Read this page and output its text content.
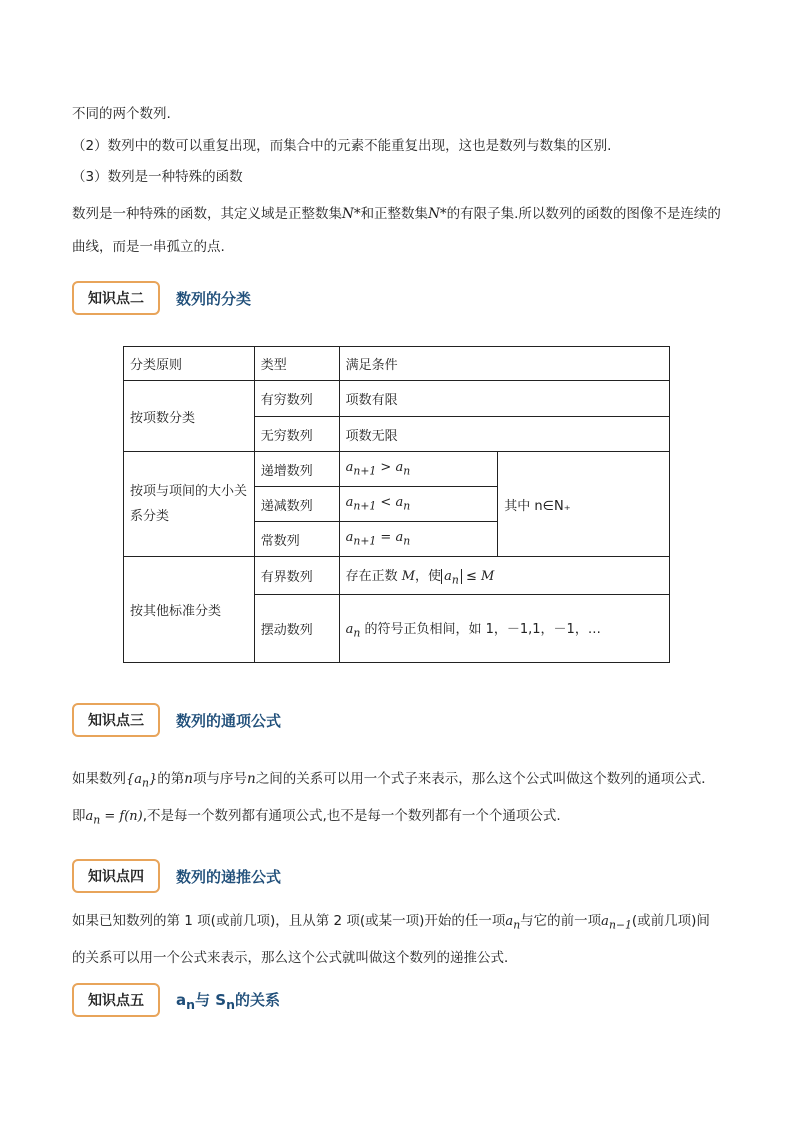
不同的两个数列.
（2）数列中的数可以重复出现，而集合中的元素不能重复出现，这也是数列与数集的区别.
（3）数列是一种特殊的函数
数列是一种特殊的函数，其定义域是正整数集N*和正整数集N*的有限子集.所以数列的函数的图像不是连续的曲线，而是一串孤立的点.
知识点二	数列的分类
分类原则	类型	满足条件	
按项数分类	有穷数列	项数有限	
	无穷数列	项数无限	
按项与项间的大小关系分类	递增数列	$a_{n+1} > a_n$	其中 n∈N₊
	递减数列	$a_{n+1} < a_n$
	常数列	$a_{n+1} = a_n$
按其他标准分类	有界数列	存在正数 M，使 $a_n \le M$	
	摆动数列	$a_n$ 的符号正负相间，如 1，－1,1，－1，…	
知识点三	数列的通项公式
如果数列$\{a_n\}$的第n项与序号n之间的关系可以用一个式子来表示，那么这个公式叫做这个数列的通项公式．即$a_n = f(n)$,不是每一个数列都有通项公式,也不是每一个数列都有一个个通项公式.
知识点四	数列的递推公式
如果已知数列的第 1 项(或前几项)，且从第 2 项(或某一项)开始的任一项$a_n$与它的前一项$a_{n-1}$(或前几项)间的关系可以用一个公式来表示，那么这个公式就叫做这个数列的递推公式．
知识点五	$a_n$与 $S_n$的关系
